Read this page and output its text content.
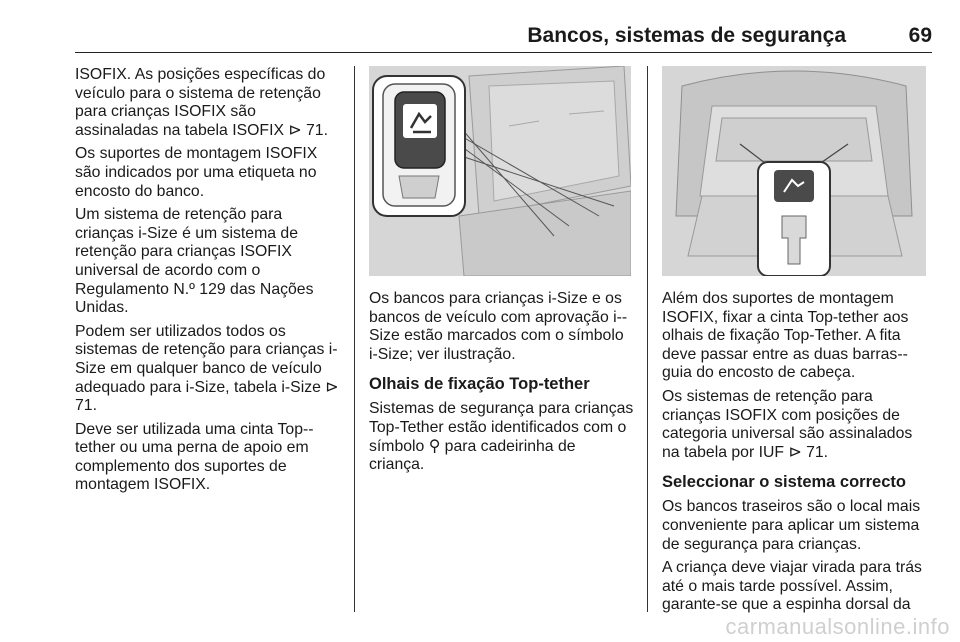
Bancos, sistemas de segurança	69

ISOFIX. As posições específicas do veículo para o sistema de retenção para crianças ISOFIX são assinaladas na tabela ISOFIX ⊳ 71.

Os suportes de montagem ISOFIX são indicados por uma etiqueta no encosto do banco.

Um sistema de retenção para crianças i-Size é um sistema de retenção para crianças ISOFIX universal de acordo com o Regulamento N.º 129 das Nações Unidas.

Podem ser utilizados todos os sistemas de retenção para crianças i-Size em qualquer banco de veículo adequado para i-Size, tabela i-Size ⊳ 71.

Deve ser utilizada uma cinta Top--tether ou uma perna de apoio em complemento dos suportes de montagem ISOFIX.

Os bancos para crianças i-Size e os bancos de veículo com aprovação i--Size estão marcados com o símbolo i-Size; ver ilustração.

Olhais de fixação Top-tether

Sistemas de segurança para crianças Top-Tether estão identificados com o símbolo ⚲ para cadeirinha de criança.

Além dos suportes de montagem ISOFIX, fixar a cinta Top-tether aos olhais de fixação Top-Tether. A fita deve passar entre as duas barras--guia do encosto de cabeça.

Os sistemas de retenção para crianças ISOFIX com posições de categoria universal são assinalados na tabela por IUF ⊳ 71.

Seleccionar o sistema correcto

Os bancos traseiros são o local mais conveniente para aplicar um sistema de segurança para crianças.

A criança deve viajar virada para trás até o mais tarde possível. Assim, garante-se que a espinha dorsal da

carmanualsonline.info
